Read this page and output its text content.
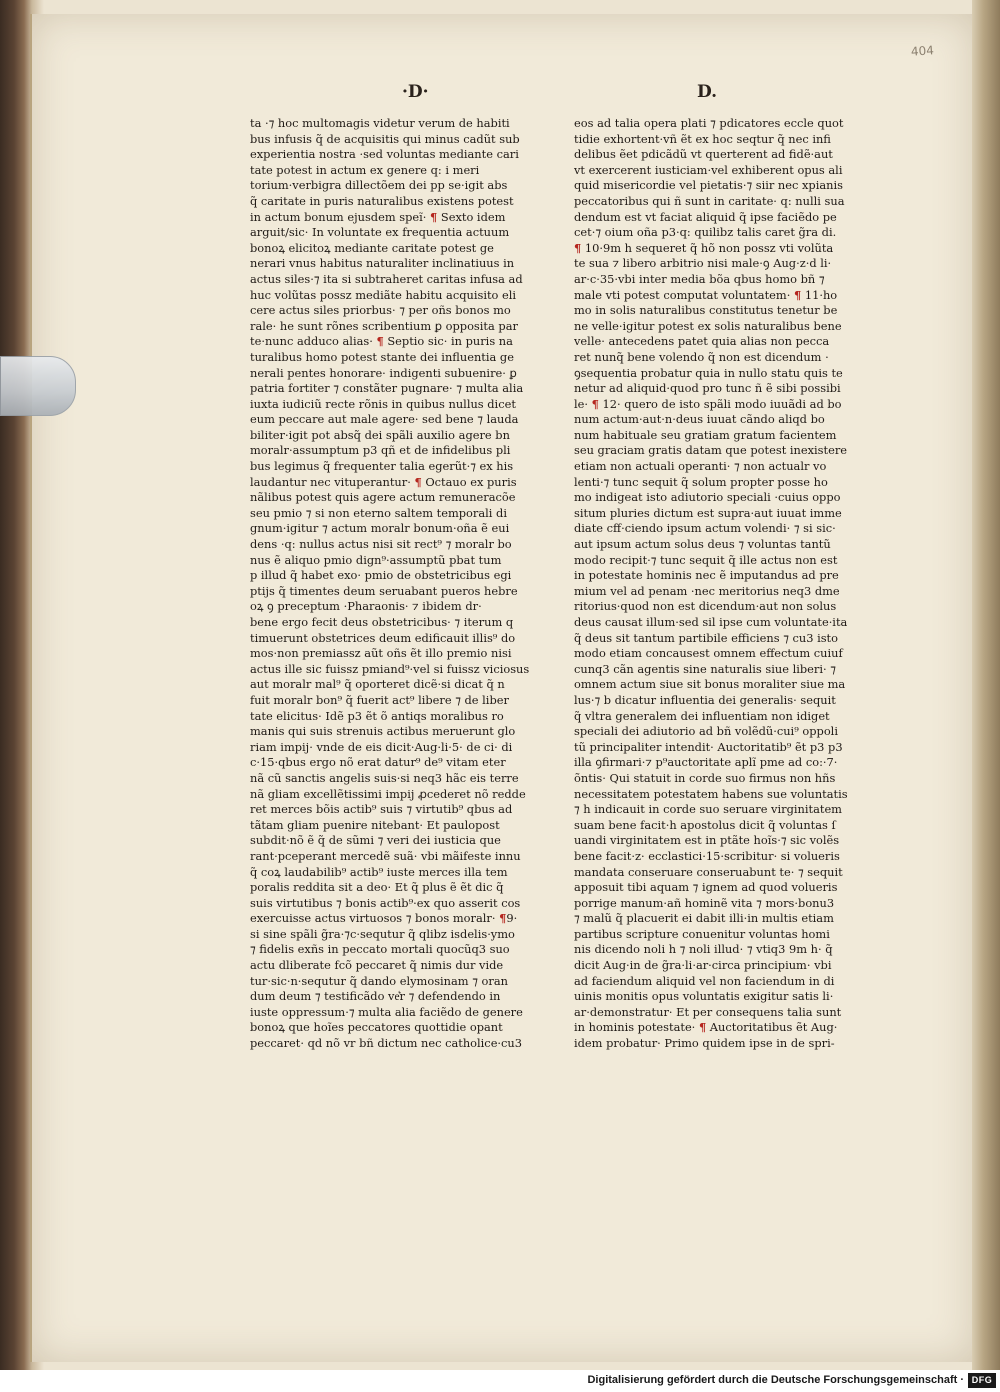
·D·	D.
404
ta ·⁊ hoc multomagis videtur verum de habiti
bus infusis q̃ de acquisitis qui minus cadũt sub
experientia nostra ·sed voluntas mediante cari
tate potest in actum ex genere q: i meri
torium·verbigra dillectõem dei pp se·igit abs
q̃ caritate in puris naturalibus existens potest
in actum bonum ejusdem speĩ· ¶ Sexto idem
arguit/sic· In voluntate ex frequentia actuum
bonoꝝ elicitoꝝ mediante caritate potest ge
nerari vnus habitus naturaliter inclinatiuus in
actus siles·⁊ ita si subtraheret caritas infusa ad
huc volũtas possz mediãte habitu acquisito eli
cere actus siles priorbus· ⁊ per oñs bonos mo
rale· he sunt rõnes scribentium ꝑ opposita par
te·nunc adduco alias· ¶ Septio sic· in puris na
turalibus homo potest stante dei influentia ge
nerali pentes honorare· indigenti subuenire· ꝑ
patria fortiter ⁊ constãter pugnare· ⁊ multa alia
iuxta iudiciũ recte rõnis in quibus nullus dicet
eum peccare aut male agere· sed bene ⁊ lauda
biliter·igit pot absq̃ dei spãli auxilio agere bn
moralr·assumptum p3 qñ et de infidelibus pli
bus legimus q̃ frequenter talia egerũt·⁊ ex his
laudantur nec vituperantur· ¶ Octauo ex puris
nãlibus potest quis agere actum remuneracõe
seu pmio ⁊ si non eterno saltem temporali di
gnum·igitur ⁊ actum moralr bonum·oña ẽ eui
dens ·q: nullus actus nisi sit rect⁹ ⁊ moralr bo
nus ẽ aliquo pmio dign⁹·assumptũ pbat tum
p illud q̃ habet exo· pmio de obstetricibus egi
ptijs q̃ timentes deum seruabant pueros hebre
oꝝ ꝯ preceptum ·Pharaonis· ⁊ ibidem dr·
bene ergo fecit deus obstetricibus· ⁊ iterum q
timuerunt obstetrices deum edificauit illis⁹ do
mos·non premiassz aũt oñs ẽt illo premio nisi
actus ille sic fuissz pmiand⁹·vel si fuissz viciosus
aut moralr mal⁹ q̃ oporteret dicẽ·si dicat q̃ n
fuit moralr bon⁹ q̃ fuerit act⁹ libere ⁊ de liber
tate elicitus· Idẽ p3 ẽt õ antiqs moralibus ro
manis qui suis strenuis actibus meruerunt glo
riam impij· vnde de eis dicit·Aug·li·5· de ci· di
c·15·qbus ergo nõ erat datur⁹ de⁹ vitam eter
nã cũ sanctis angelis suis·si neq3 hãc eis terre
nã gliam excellẽtissimi impij ꝓcederet nõ redde
ret merces bõis actib⁹ suis ⁊ virtutib⁹ qbus ad
tãtam gliam puenire nitebant· Et paulopost
subdit·nõ ẽ q̃ de sũmi ⁊ veri dei iusticia que
rant·pceperant mercedẽ suã· vbi mãifeste innu
q̃ coꝝ laudabilib⁹ actib⁹ iuste merces illa tem
poralis reddita sit a deo· Et q̃ plus ẽ ẽt dic q̃
suis virtutibus ⁊ bonis actib⁹·ex quo asserit cos
exercuisse actus virtuosos ⁊ bonos moralr· ¶9·
si sine spãli g̃ra·⁊c·sequtur q̃ qlibz isdelis·ymo
⁊ fidelis exñs in peccato mortali quocũq3 suo
actu dliberate fcõ peccaret q̃ nimis dur vide
tur·sic·n·sequtur q̃ dando elymosinam ⁊ oran
dum deum ⁊ testificãdo ve͛r ⁊ defendendo in
iuste oppressum·⁊ multa alia faciẽdo de genere
bonoꝝ que hoĩes peccatores quottidie opant
peccaret· qd nõ vr bñ dictum nec catholice·cu3
eos ad talia opera plati ⁊ pdicatores eccle quot
tidie exhortent·vñ ẽt ex hoc seqtur q̃ nec infi
delibus ẽet pdicãdũ vt querterent ad fidẽ·aut
vt exercerent iusticiam·vel exhiberent opus ali
quid misericordie vel pietatis·⁊ siir nec xpianis
peccatoribus qui ñ sunt in caritate· q: nulli sua
dendum est vt faciat aliquid q̃ ipse faciẽdo pe
cet·⁊ oium oña p3·q: quilibz talis caret g̃ra di.
¶ 10·9m h sequeret q̃ hõ non possz vti volũta
te sua ⁊ libero arbitrio nisi male·ꝯ Aug·z·d li·
ar·c·35·vbi inter media bõa qbus homo bñ ⁊
male vti potest computat voluntatem· ¶ 11·ho
mo in solis naturalibus constitutus tenetur be
ne velle·igitur potest ex solis naturalibus bene
velle· antecedens patet quia alias non pecca
ret nunq̃ bene volendo q̃ non est dicendum ·
ꝯsequentia probatur quia in nullo statu quis te
netur ad aliquid·quod pro tunc ñ ẽ sibi possibi
le· ¶ 12· quero de isto spãli modo iuuãdi ad bo
num actum·aut·n·deus iuuat cãndo aliqd bo
num habituale seu gratiam gratum facientem
seu graciam gratis datam que potest inexistere
etiam non actuali operanti· ⁊ non actualr vo
lenti·⁊ tunc sequit q̃ solum propter posse ho
mo indigeat isto adiutorio speciali ·cuius oppo
situm pluries dictum est supra·aut iuuat imme
diate cff·ciendo ipsum actum volendi· ⁊ si sic·
aut ipsum actum solus deus ⁊ voluntas tantũ
modo recipit·⁊ tunc sequit q̃ ille actus non est
in potestate hominis nec ẽ imputandus ad pre
mium vel ad penam ·nec meritorius neq3 dme
ritorius·quod non est dicendum·aut non solus
deus causat illum·sed sil ipse cum voluntate·ita
q̃ deus sit tantum partibile efficiens ⁊ cu3 isto
modo etiam concausest omnem effectum cuiuf
cunq3 cãn agentis sine naturalis siue liberi· ⁊
omnem actum siue sit bonus moraliter siue ma
lus·⁊ b dicatur influentia dei generalis· sequit
q̃ vltra generalem dei influentiam non idiget
speciali dei adiutorio ad bñ volẽdũ·cui⁹ oppoli
tũ principaliter intendit· Auctoritatib⁹ ẽt p3 p3
illa ꝯfirmari·⁊ p⁹auctoritate aplĩ pme ad co:·7·
õntis· Qui statuit in corde suo firmus non hñs
necessitatem potestatem habens sue voluntatis
⁊ h indicauit in corde suo seruare virginitatem
suam bene facit·h apostolus dicit q̃ voluntas ſ
uandi virginitatem est in ptãte hoĩs·⁊ sic volẽs
bene facit·z· ecclastici·15·scribitur· si volueris
mandata conseruare conseruabunt te· ⁊ sequit
apposuit tibi aquam ⁊ ignem ad quod volueris
porrige manum·añ hominẽ vita ⁊ mors·bonu3
⁊ malũ q̃ placuerit ei dabit illi·in multis etiam
partibus scripture conuenitur voluntas homi
nis dicendo noli h ⁊ noli illud· ⁊ vtiq3 9m h· q̃
dicit Aug·in de g̃ra·li·ar·circa principium· vbi
ad faciendum aliquid vel non faciendum in di
uinis monitis opus voluntatis exigitur satis li·
ar·demonstratur· Et per consequens talia sunt
in hominis potestate· ¶ Auctoritatibus ẽt Aug·
idem probatur· Primo quidem ipse in de spri-
Digitalisierung gefördert durch die Deutsche Forschungsgemeinschaft · DFG
